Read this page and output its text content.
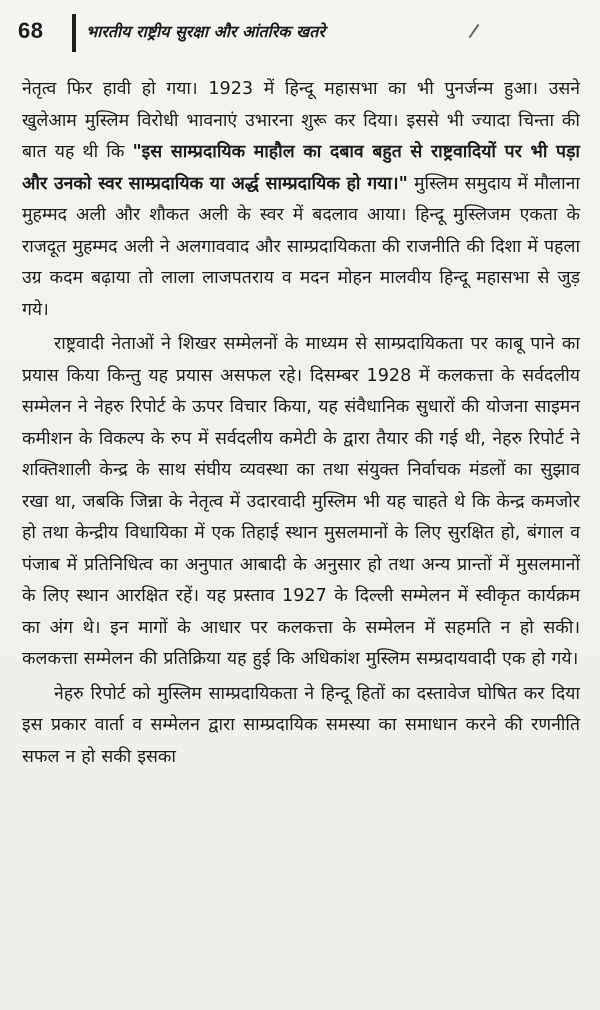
68	भारतीय राष्ट्रीय सुरक्षा और आंतरिक खतरे

नेतृत्व फिर हावी हो गया। 1923 में हिन्दू महासभा का भी पुनर्जन्म हुआ। उसने खुलेआम मुस्लिम विरोधी भावनाएं उभारना शुरू कर दिया। इससे भी ज्यादा चिन्ता की बात यह थी कि "इस साम्प्रदायिक माहौल का दबाव बहुत से राष्ट्रवादियों पर भी पड़ा और उनको स्वर साम्प्रदायिक या अर्द्ध साम्प्रदायिक हो गया।" मुस्लिम समुदाय में मौलाना मुहम्मद अली और शौकत अली के स्वर में बदलाव आया। हिन्दू मुस्लिजम एकता के राजदूत मुहम्मद अली ने अलगाववाद और साम्प्रदायिकता की राजनीति की दिशा में पहला उग्र कदम बढ़ाया तो लाला लाजपतराय व मदन मोहन मालवीय हिन्दू महासभा से जुड़ गये।

राष्ट्रवादी नेताओं ने शिखर सम्मेलनों के माध्यम से साम्प्रदायिकता पर काबू पाने का प्रयास किया किन्तु यह प्रयास असफल रहे। दिसम्बर 1928 में कलकत्ता के सर्वदलीय सम्मेलन ने नेहरु रिपोर्ट के ऊपर विचार किया, यह संवैधानिक सुधारों की योजना साइमन कमीशन के विकल्प के रुप में सर्वदलीय कमेटी के द्वारा तैयार की गई थी, नेहरु रिपोर्ट ने शक्तिशाली केन्द्र के साथ संघीय व्यवस्था का तथा संयुक्त निर्वाचक मंडलों का सुझाव रखा था, जबकि जिन्ना के नेतृत्व में उदारवादी मुस्लिम भी यह चाहते थे कि केन्द्र कमजोर हो तथा केन्द्रीय विधायिका में एक तिहाई स्थान मुसलमानों के लिए सुरक्षित हो, बंगाल व पंजाब में प्रतिनिधित्व का अनुपात आबादी के अनुसार हो तथा अन्य प्रान्तों में मुसलमानों के लिए स्थान आरक्षित रहें। यह प्रस्ताव 1927 के दिल्ली सम्मेलन में स्वीकृत कार्यक्रम का अंग थे। इन मागों के आधार पर कलकत्ता के सम्मेलन में सहमति न हो सकी। कलकत्ता सम्मेलन की प्रतिक्रिया यह हुई कि अधिकांश मुस्लिम सम्प्रदायवादी एक हो गये।

नेहरु रिपोर्ट को मुस्लिम साम्प्रदायिकता ने हिन्दू हितों का दस्तावेज घोषित कर दिया इस प्रकार वार्ता व सम्मेलन द्वारा साम्प्रदायिक समस्या का समाधान करने की रणनीति सफल न हो सकी इसका
